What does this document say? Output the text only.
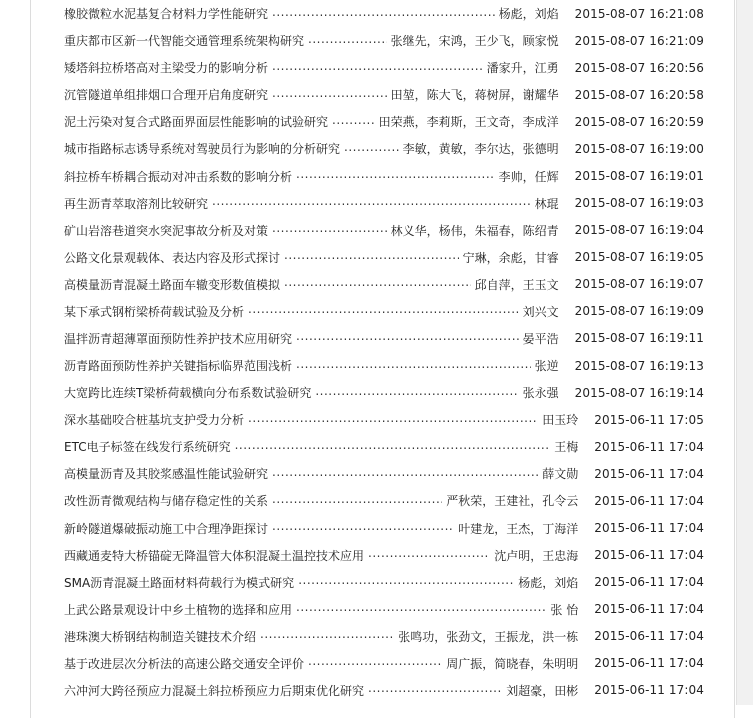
橡胶微粒水泥基复合材料力学性能研究 .....	杨彪，刘焰 2015-08-07 16:21:08
重庆都市区新一代智能交通管理系统架构研究 .....	张继先，宋鸿，王少飞，顾家悦 2015-08-07 16:21:09
矮塔斜拉桥塔高对主梁受力的影响分析 .....	潘家升，江勇 2015-08-07 16:20:56
沉管隧道单组排烟口合理开启角度研究 .....	田堃，陈大飞，蒋树屏，谢耀华 2015-08-07 16:20:58
泥土污染对复合式路面界面层性能影响的试验研究 .....	田荣燕，李莉斯，王文奇，李成洋 2015-08-07 16:20:59
城市指路标志诱导系统对驾驶员行为影响的分析研究 .....	李敏，黄敏，李尔达，张德明 2015-08-07 16:19:00
斜拉桥车桥耦合振动对冲击系数的影响分析 .....	李帅，任辉 2015-08-07 16:19:01
再生沥青萃取溶剂比较研究 .....	林琨 2015-08-07 16:19:03
矿山岩溶巷道突水突泥事故分析及对策 .....	林义华，杨伟，朱福春，陈绍青 2015-08-07 16:19:04
公路文化景观载体、表达内容及形式探讨 .....	宁琳，余彪，甘睿 2015-08-07 16:19:05
高模量沥青混凝土路面车辙变形数值模拟 .....	邱自萍，王玉文 2015-08-07 16:19:07
某下承式钢桁梁桥荷载试验及分析 .....	刘兴文 2015-08-07 16:19:09
温拌沥青超薄罩面预防性养护技术应用研究 .....	晏平浩 2015-08-07 16:19:11
沥青路面预防性养护关键指标临界范围浅析 .....	张逆 2015-08-07 16:19:13
大宽跨比连续T梁桥荷载横向分布系数试验研究 .....	张永强 2015-08-07 16:19:14
深水基础咬合桩基坑支护受力分析 .....	田玉玲 2015-06-11 17:05
ETC电子标签在线发行系统研究 .....	王梅 2015-06-11 17:04
高模量沥青及其胶浆感温性能试验研究 .....	薛文勋 2015-06-11 17:04
改性沥青微观结构与储存稳定性的关系 .....	严秋荣，王建社，孔令云 2015-06-11 17:04
新岭隧道爆破振动施工中合理净距探讨 .....	叶建龙，王杰，丁海洋 2015-06-11 17:04
西藏通麦特大桥锚碇无降温管大体积混凝土温控技术应用 .....	沈卢明，王忠海 2015-06-11 17:04
SMA沥青混凝土路面材料荷载行为模式研究 .....	杨彪，刘焰 2015-06-11 17:04
上武公路景观设计中乡土植物的选择和应用 .....	张 怡 2015-06-11 17:04
港珠澳大桥钢结构制造关键技术介绍 .....	张鸣功，张劲文，王振龙，洪一栋 2015-06-11 17:04
基于改进层次分析法的高速公路交通安全评价 .....	周广振，简晓春，朱明明 2015-06-11 17:04
六冲河大跨径预应力混凝土斜拉桥预应力后期束优化研究 .....	刘超豪，田彬 2015-06-11 17:04
